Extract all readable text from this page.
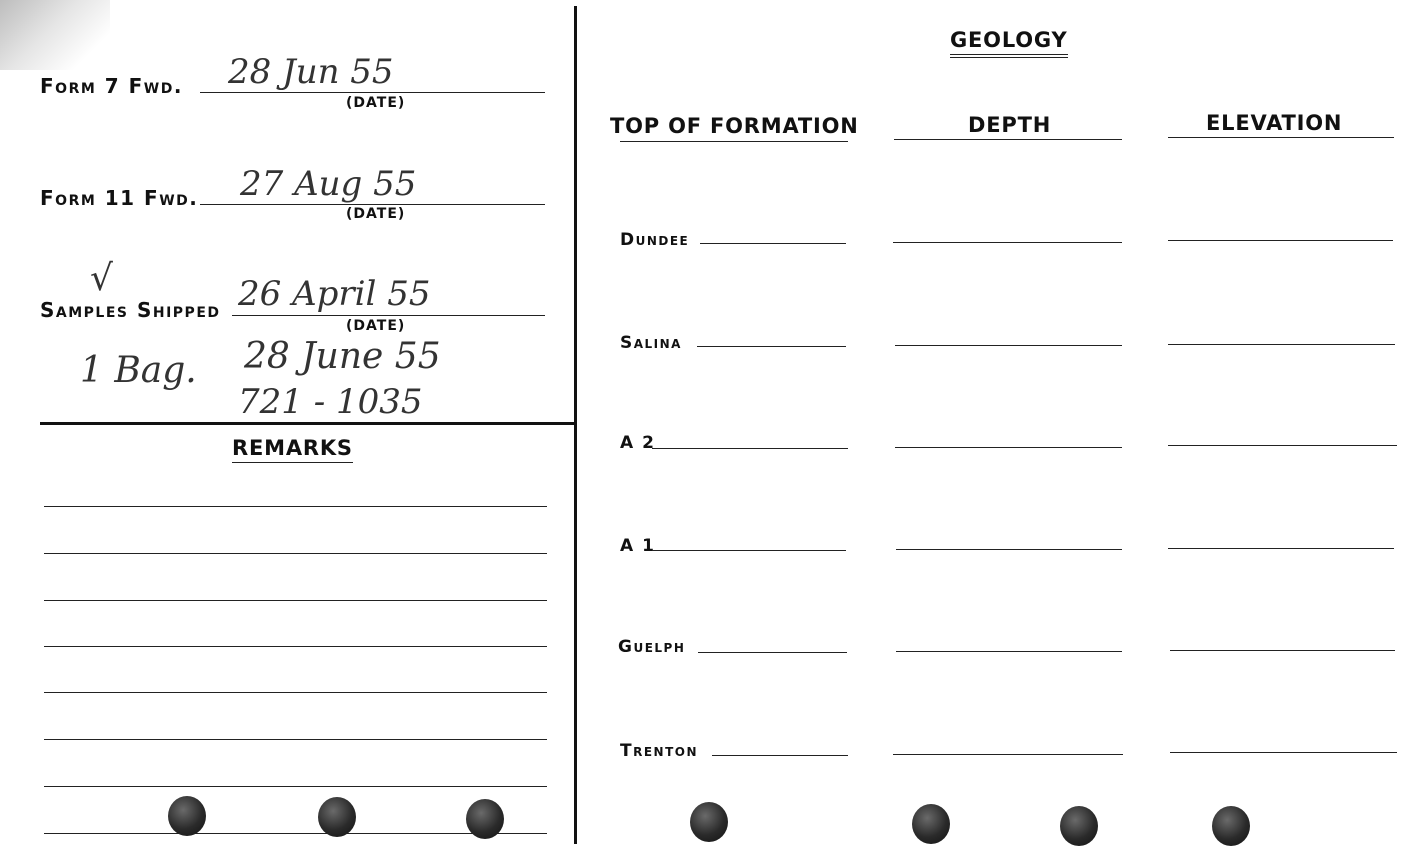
Form 7 Fwd. 28 Jun 55
(DATE)
Form 11 Fwd. 27 Aug 55
(DATE)
Samples Shipped
√	26 April 55
(DATE)
1 Bag. 28 June 55
721 - 1035
REMARKS
GEOLOGY
TOP OF FORMATION	DEPTH	ELEVATION
Dundee
Salina
A 2
A 1
Guelph
Trenton
